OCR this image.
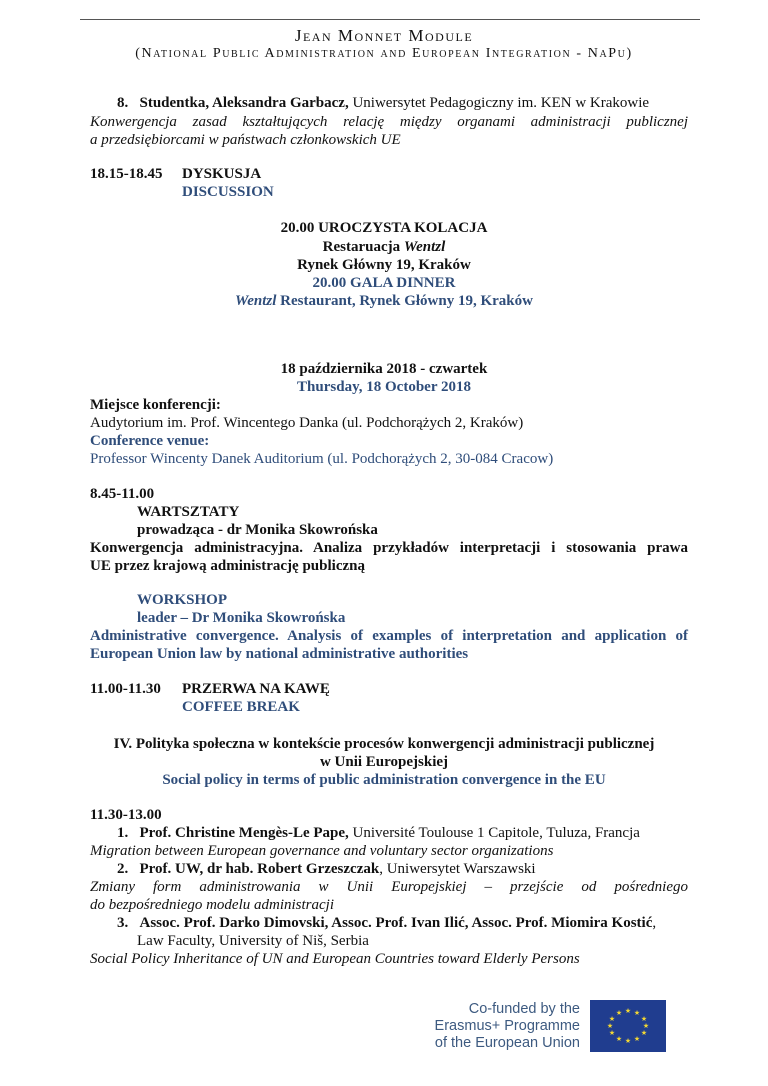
Jean Monnet Module
(National Public Administration and European Integration - NaPu)
8. Studentka, Aleksandra Garbacz, Uniwersytet Pedagogiczny im. KEN w Krakowie
Konwergencja zasad kształtujących relację między organami administracji publicznej
a przedsiębiorcami w państwach członkowskich UE
18.15-18.45 DYSKUSJA
DISCUSSION
20.00 UROCZYSTA KOLACJA
Restaruacja Wentzl
Rynek Główny 19, Kraków
20.00 GALA DINNER
Wentzl Restaurant, Rynek Główny 19, Kraków
18 października 2018 - czwartek
Thursday, 18 October 2018
Miejsce konferencji:
Audytorium im. Prof. Wincentego Danka (ul. Podchorążych 2, Kraków)
Conference venue:
Professor Wincenty Danek Auditorium (ul. Podchorążych 2, 30-084 Cracow)
8.45-11.00
WARTSZTATY
prowadząca - dr Monika Skowrońska
Konwergencja administracyjna. Analiza przykładów interpretacji i stosowania prawa
UE przez krajową administrację publiczną
WORKSHOP
leader – Dr Monika Skowrońska
Administrative convergence. Analysis of examples of interpretation and application of
European Union law by national administrative authorities
11.00-11.30 PRZERWA NA KAWĘ
COFFEE BREAK
IV. Polityka społeczna w kontekście procesów konwergencji administracji publicznej
w Unii Europejskiej
Social policy in terms of public administration convergence in the EU
11.30-13.00
1. Prof. Christine Mengès-Le Pape, Université Toulouse 1 Capitole, Tuluza, Francja
Migration between European governance and voluntary sector organizations
2. Prof. UW, dr hab. Robert Grzeszczak, Uniwersytet Warszawski
Zmiany form administrowania w Unii Europejskiej – przejście od pośredniego
do bezpośredniego modelu administracji
3. Assoc. Prof. Darko Dimovski, Assoc. Prof. Ivan Ilić, Assoc. Prof. Miomira Kostić,
Law Faculty, University of Niš, Serbia
Social Policy Inheritance of UN and European Countries toward Elderly Persons
Co-funded by the
Erasmus+ Programme
of the European Union
★ ★
★
★
★
★
★
★
★
★
★
★
